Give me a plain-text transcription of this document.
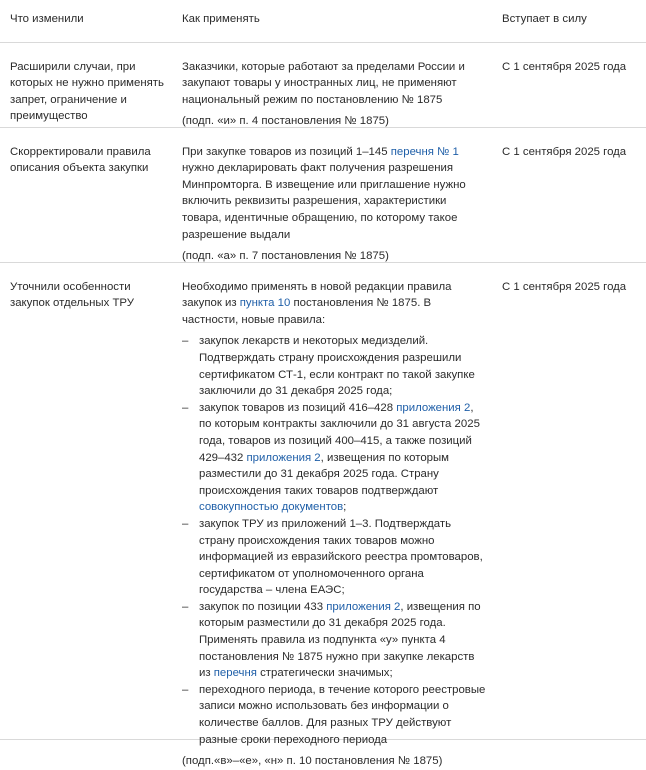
Что изменили	Как применять	Вступает в силу
Расширили случаи, при которых не нужно применять запрет, ограничение и преимущество

Заказчики, которые работают за пределами России и закупают товары у иностранных лиц, не применяют национальный режим по постановлению № 1875

(подп. «и» п. 4 постановления № 1875)

С 1 сентября 2025 года
Скорректировали правила описания объекта закупки

При закупке товаров из позиций 1–145 перечня № 1 нужно декларировать факт получения разрешения Минпромторга. В извещение или приглашение нужно включить реквизиты разрешения, характеристики товара, идентичные обращению, по которому такое разрешение выдали

(подп. «а» п. 7 постановления № 1875)

С 1 сентября 2025 года
Уточнили особенности закупок отдельных ТРУ

Необходимо применять в новой редакции правила закупок из пункта 10 постановления № 1875. В частности, новые правила:

– закупок лекарств и некоторых медизделий. Подтверждать страну происхождения разрешили сертификатом СТ-1, если контракт по такой закупке заключили до 31 декабря 2025 года;
– закупок товаров из позиций 416–428 приложения 2, по которым контракты заключили до 31 августа 2025 года, товаров из позиций 400–415, а также позиций 429–432 приложения 2, извещения по которым разместили до 31 декабря 2025 года. Страну происхождения таких товаров подтверждают совокупностью документов;
– закупок ТРУ из приложений 1–3. Подтверждать страну происхождения таких товаров можно информацией из евразийского реестра промтоваров, сертификатом от уполномоченного органа государства – члена ЕАЭС;
– закупок по позиции 433 приложения 2, извещения по которым разместили до 31 декабря 2025 года. Применять правила из подпункта «у» пункта 4 постановления № 1875 нужно при закупке лекарств из перечня стратегически значимых;
– переходного периода, в течение которого реестровые записи можно использовать без информации о количестве баллов. Для разных ТРУ действуют разные сроки переходного периода

(подп.«в»–«е», «н» п. 10 постановления № 1875)

С 1 сентября 2025 года
